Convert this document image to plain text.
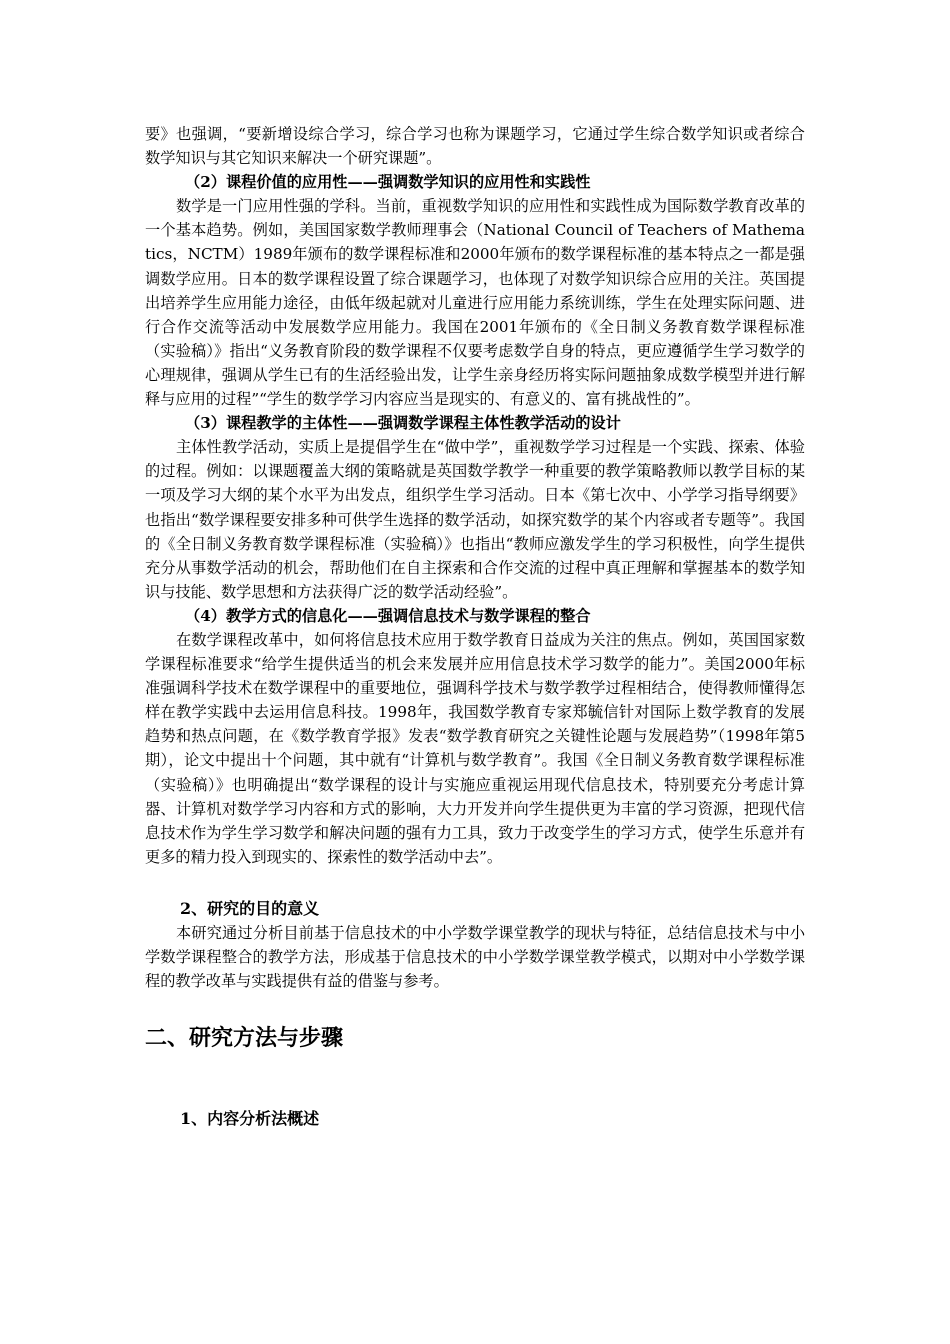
要》也强调，“要新增设综合学习，综合学习也称为课题学习，它通过学生综合数学知识或者综合数学知识与其它知识来解决一个研究课题”。

（2）课程价值的应用性——强调数学知识的应用性和实践性

数学是一门应用性强的学科。当前，重视数学知识的应用性和实践性成为国际数学教育改革的一个基本趋势。例如，美国国家数学教师理事会（National Council of Teachers of Mathematics，NCTM）1989年颁布的数学课程标准和2000年颁布的数学课程标准的基本特点之一都是强调数学应用。日本的数学课程设置了综合课题学习，也体现了对数学知识综合应用的关注。英国提出培养学生应用能力途径，由低年级起就对儿童进行应用能力系统训练，学生在处理实际问题、进行合作交流等活动中发展数学应用能力。我国在2001年颁布的《全日制义务教育数学课程标准（实验稿）》指出“义务教育阶段的数学课程不仅要考虑数学自身的特点，更应遵循学生学习数学的心理规律，强调从学生已有的生活经验出发，让学生亲身经历将实际问题抽象成数学模型并进行解释与应用的过程”“学生的数学学习内容应当是现实的、有意义的、富有挑战性的”。

（3）课程教学的主体性——强调数学课程主体性教学活动的设计

主体性教学活动，实质上是提倡学生在“做中学”，重视数学学习过程是一个实践、探索、体验的过程。例如：以课题覆盖大纲的策略就是英国数学教学一种重要的教学策略教师以教学目标的某一项及学习大纲的某个水平为出发点，组织学生学习活动。日本《第七次中、小学学习指导纲要》也指出“数学课程要安排多种可供学生选择的数学活动，如探究数学的某个内容或者专题等”。我国的《全日制义务教育数学课程标准（实验稿）》也指出“教师应激发学生的学习积极性，向学生提供充分从事数学活动的机会，帮助他们在自主探索和合作交流的过程中真正理解和掌握基本的数学知识与技能、数学思想和方法获得广泛的数学活动经验”。

（4）教学方式的信息化——强调信息技术与数学课程的整合

在数学课程改革中，如何将信息技术应用于数学教育日益成为关注的焦点。例如，英国国家数学课程标准要求“给学生提供适当的机会来发展并应用信息技术学习数学的能力”。美国2000年标准强调科学技术在数学课程中的重要地位，强调科学技术与数学教学过程相结合，使得教师懂得怎样在教学实践中去运用信息科技。1998年，我国数学教育专家郑毓信针对国际上数学教育的发展趋势和热点问题，在《数学教育学报》发表“数学教育研究之关键性论题与发展趋势”（1998年第5期），论文中提出十个问题，其中就有“计算机与数学教育”。我国《全日制义务教育数学课程标准（实验稿）》也明确提出“数学课程的设计与实施应重视运用现代信息技术，特别要充分考虑计算器、计算机对数学学习内容和方式的影响，大力开发并向学生提供更为丰富的学习资源，把现代信息技术作为学生学习数学和解决问题的强有力工具，致力于改变学生的学习方式，使学生乐意并有更多的精力投入到现实的、探索性的数学活动中去”。

2、研究的目的意义

本研究通过分析目前基于信息技术的中小学数学课堂教学的现状与特征，总结信息技术与中小学数学课程整合的教学方法，形成基于信息技术的中小学数学课堂教学模式，以期对中小学数学课程的教学改革与实践提供有益的借鉴与参考。

二、研究方法与步骤

1、内容分析法概述
